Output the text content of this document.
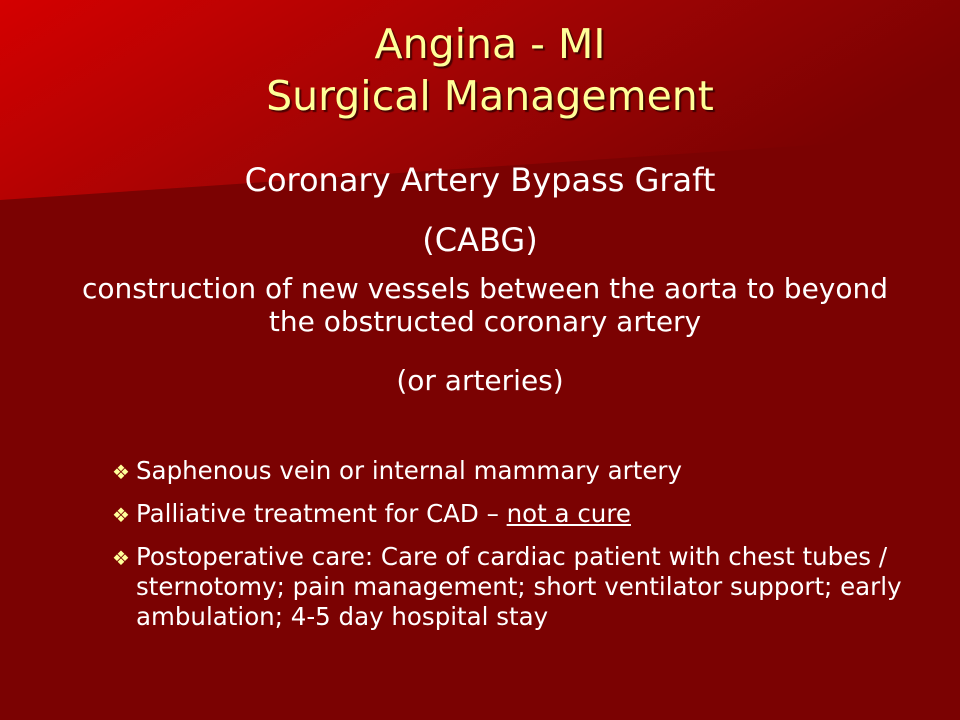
Angina - MI
Surgical Management
Coronary Artery Bypass Graft
(CABG)
construction of new vessels between the aorta to beyond the obstructed coronary artery
(or arteries)
❖ Saphenous vein or internal mammary artery
❖ Palliative treatment for CAD – not a cure
❖ Postoperative care: Care of cardiac patient with chest tubes / sternotomy; pain management; short ventilator support; early ambulation; 4-5 day hospital stay
